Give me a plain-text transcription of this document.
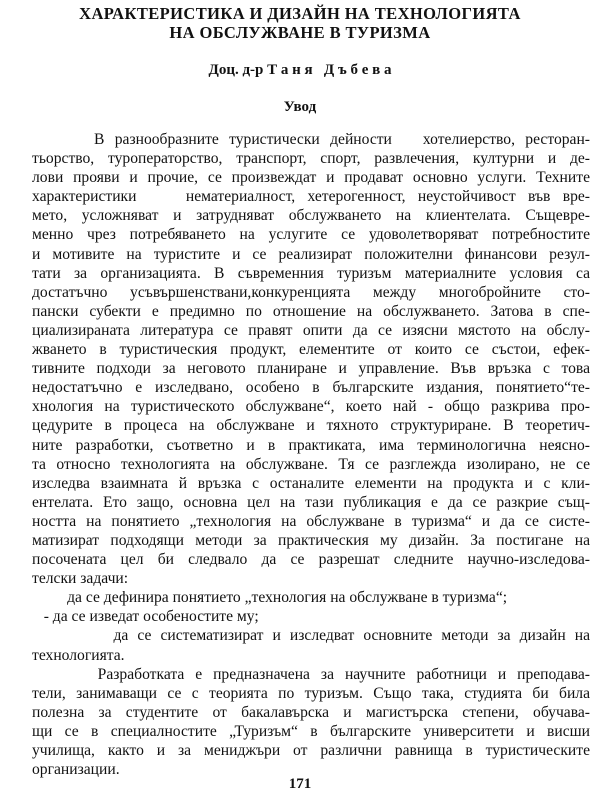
ХАРАКТЕРИСТИКА И ДИЗАЙН НА ТЕХНОЛОГИЯТА
НА ОБСЛУЖВАНЕ В ТУРИЗМА
Доц. д-р Т а н я   Д ъ б е в а
Увод
В разнообразните туристически дейности   хотелиерство, ресторан-
тьорство, туроператорство, транспорт, спорт, развлечения, културни и де-
лови прояви и прочие, се произвеждат и продават основно услуги. Техните
характеристики    нематериалност, хетерогенност, неустойчивост във вре-
мето, усложняват и затрудняват обслужването на клиентелата. Същевре-
менно чрез потребяването на услугите се удоволетворяват потребностите
и мотивите на туристите и се реализират положителни финансови резул-
тати за организацията. В съвременния туризъм материалните условия са
достатъчно усъвършенствани,конкуренцията между многобройните сто-
пански субекти е предимно по отношение на обслужването. Затова в спе-
циализираната литература се правят опити да се изясни мястото на обслу-
жването в туристическия продукт, елементите от които се състои, ефек-
тивните подходи за неговото планиране и управление. Във връзка с това
недостатъчно е изследвано, особено в българските издания, понятието“те-
хнология на туристическото обслужване“, което най - общо разкрива про-
цедурите в процеса на обслужване и тяхното структуриране. В теоретич-
ните разработки, съответно и в практиката, има терминологична неясно-
та относно технологията на обслужване. Тя се разглежда изолирано, не се
изследва взаимната й връзка с останалите елементи на продукта и с кли-
ентелата. Ето защо, основна цел на тази публикация е да се разкрие същ-
ността на понятието „технология на обслужване в туризма“ и да се систе-
матизират подходящи методи за практическия му дизайн. За постигане на
посочената цел би следвало да се разрешат следните научно-изследова-
телски задачи:
да се дефинира понятието „технология на обслужване в туризма“;
- да се изведат особеностите му;
да се систематизират и изследват основните методи за дизайн на
технологията.
Разработката е предназначена за научните работници и преподава-
тели, занимаващи се с теорията по туризъм. Също така, студията би била
полезна за студентите от бакалавърска и магистърска степени, обучава-
щи се в специалностите „Туризъм“ в българските университети и висши
училища, както и за мениджъри от различни равнища в туристическите
организации.
171
